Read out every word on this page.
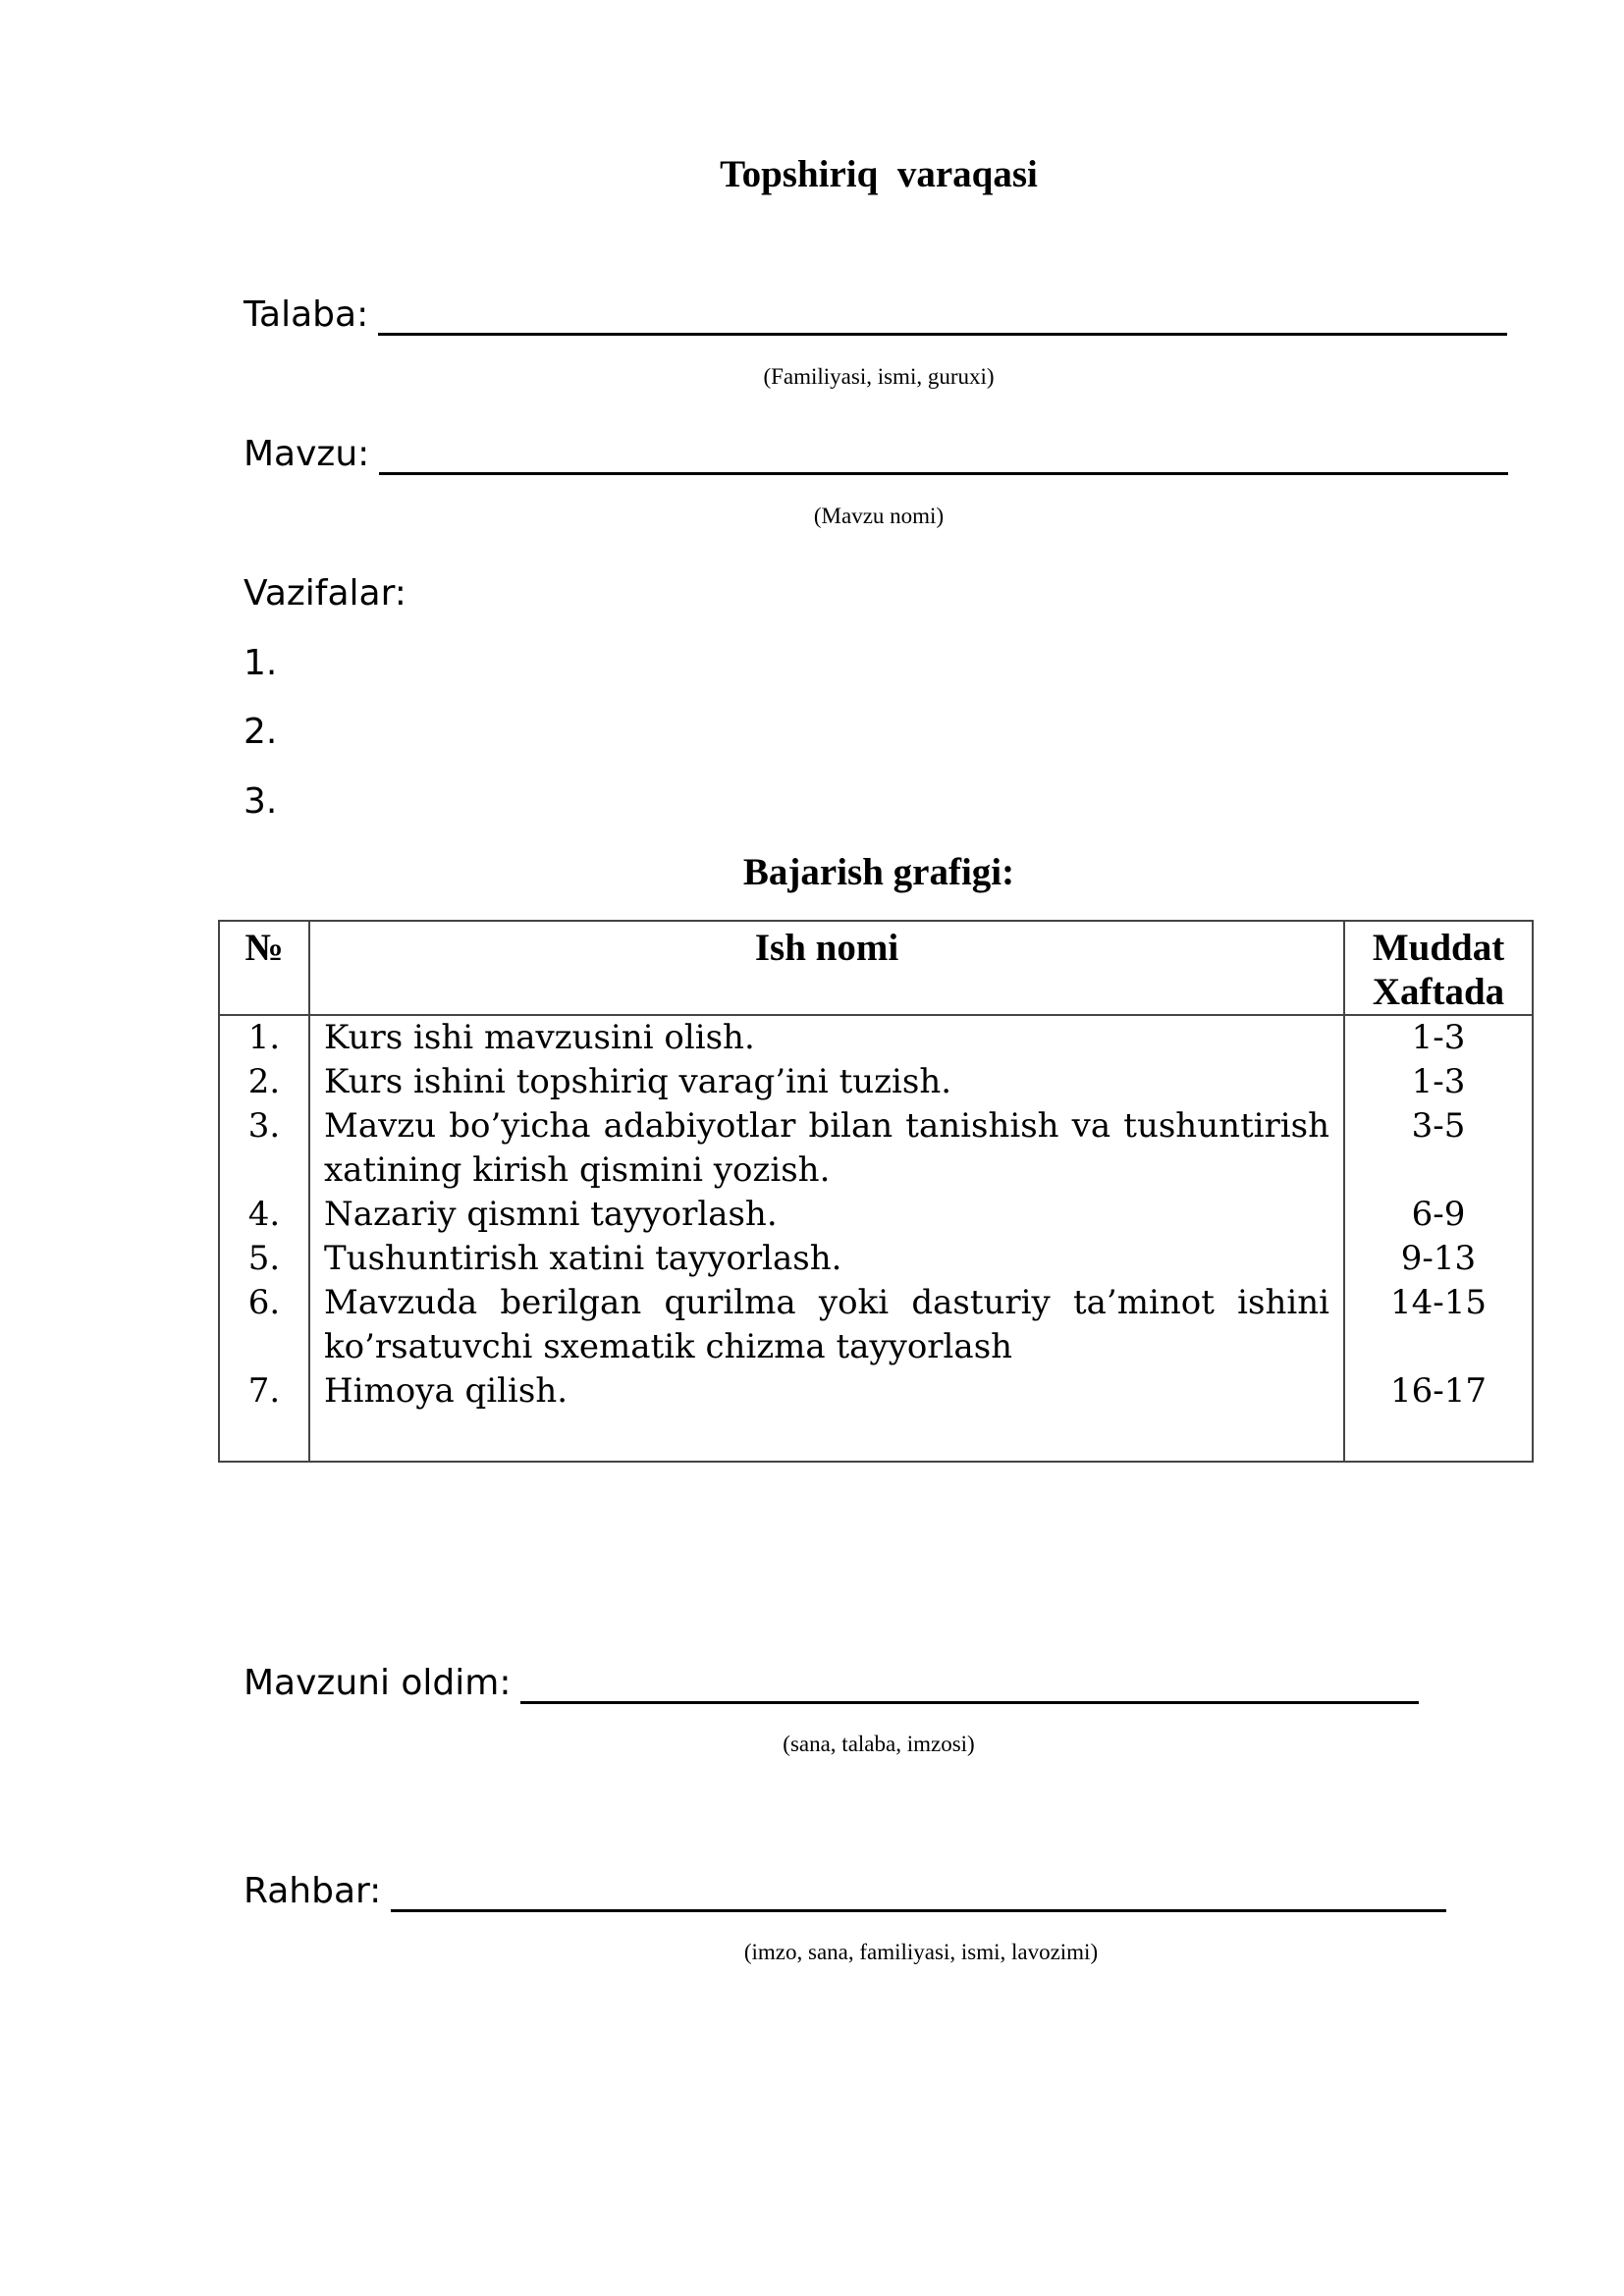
Topshiriq  varaqasi
Talaba:
(Familiyasi, ismi, guruxi)
Mavzu:
(Mavzu nomi)
Vazifalar:
1.
2.
3.
Bajarish grafigi:
№	Ish nomi	Muddat
Xaftada
1.	Kurs ishi mavzusini olish.	1-3
2.	Kurs ishini topshiriq varag’ini tuzish.	1-3
3.	Mavzu bo’yicha adabiyotlar bilan tanishish va tushuntirish xatining kirish qismini yozish.	3-5
4.	Nazariy qismni tayyorlash.	6-9
5.	Tushuntirish xatini tayyorlash.	9-13
6.	Mavzuda berilgan qurilma yoki dasturiy ta’minot ishini ko’rsatuvchi sxematik chizma tayyorlash	14-15
7.	Himoya qilish.	16-17
Mavzuni oldim:
(sana, talaba, imzosi)
Rahbar:
(imzo, sana, familiyasi, ismi, lavozimi)
